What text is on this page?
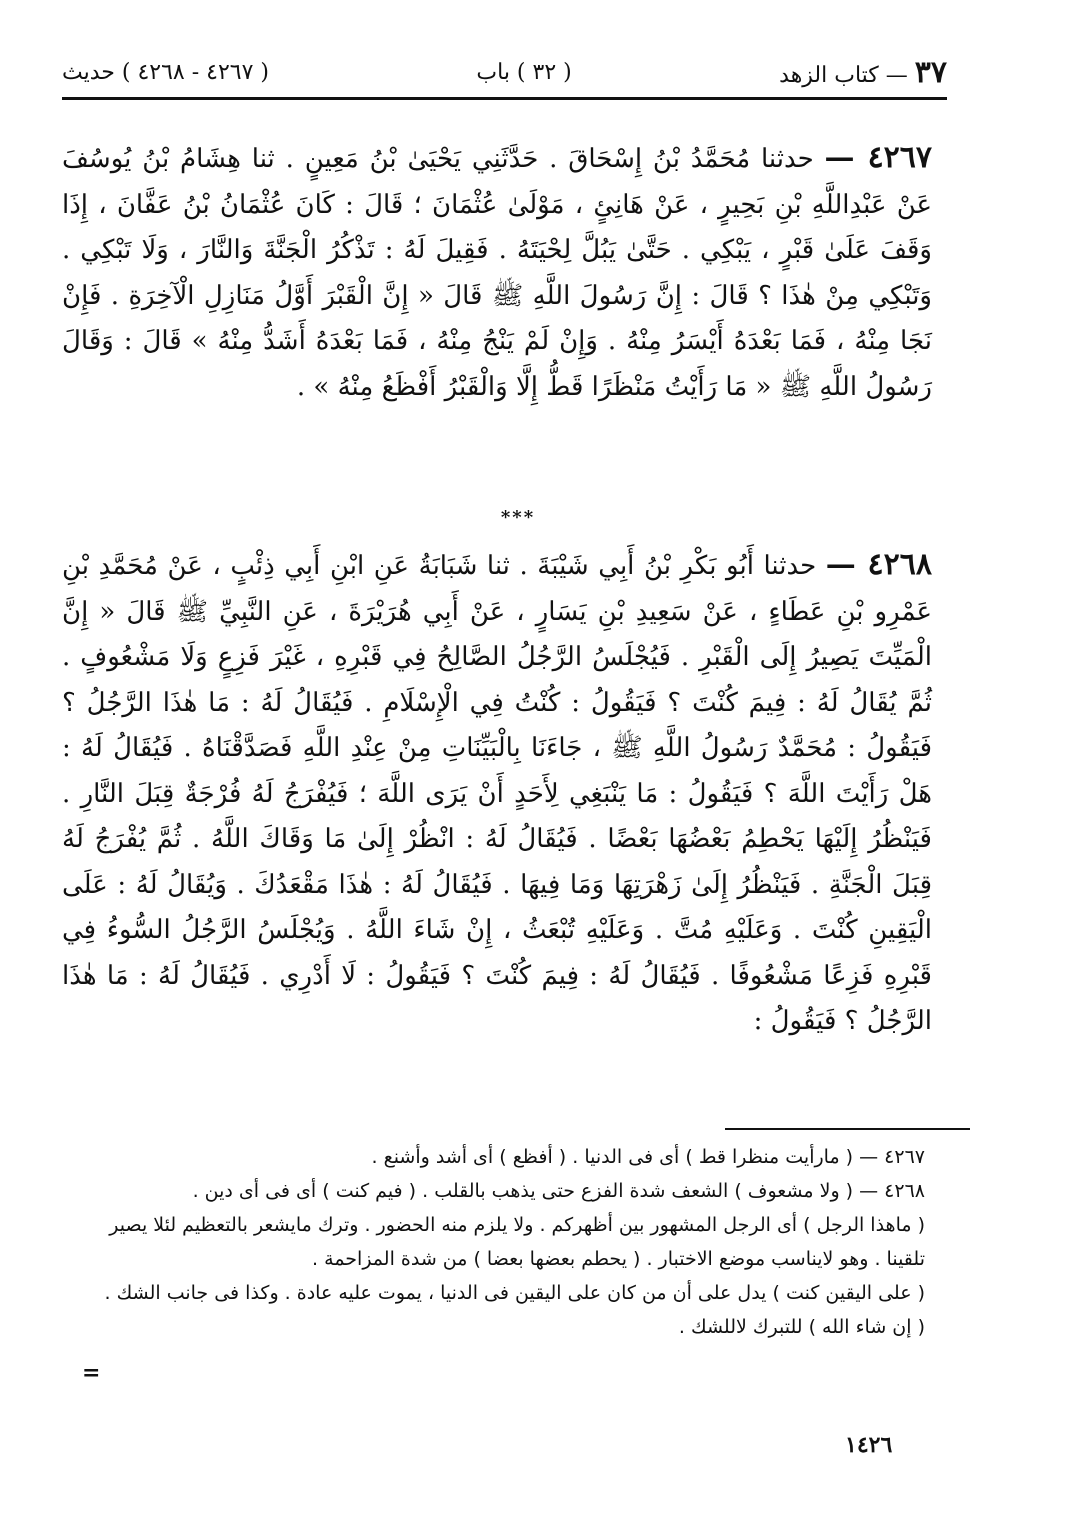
٣٧ — كتاب الزهد
( ٣٢ ) باب
( ٤٢٦٧ - ٤٢٦٨ ) حديث
٤٢٦٧ — حدثنا مُحَمَّدُ بْنُ إِسْحَاقَ . حَدَّثَنِي يَحْيَىٰ بْنُ مَعِينٍ . ثنا هِشَامُ بْنُ يُوسُفَ عَنْ عَبْدِاللَّهِ بْنِ بَحِيرٍ ، عَنْ هَانِئٍ ، مَوْلَىٰ عُثْمَانَ ؛ قَالَ : كَانَ عُثْمَانُ بْنُ عَفَّانَ ، إِذَا وَقَفَ عَلَىٰ قَبْرٍ ، يَبْكِي . حَتَّىٰ يَبُلَّ لِحْيَتَهُ . فَقِيلَ لَهُ : تَذْكُرُ الْجَنَّةَ وَالنَّارَ ، وَلَا تَبْكِي . وَتَبْكِي مِنْ هٰذَا ؟ قَالَ : إِنَّ رَسُولَ اللَّهِ ﷺ قَالَ « إِنَّ الْقَبْرَ أَوَّلُ مَنَازِلِ الْآخِرَةِ . فَإِنْ نَجَا مِنْهُ ، فَمَا بَعْدَهُ أَيْسَرُ مِنْهُ . وَإِنْ لَمْ يَنْجُ مِنْهُ ، فَمَا بَعْدَهُ أَشَدُّ مِنْهُ » قَالَ : وَقَالَ رَسُولُ اللَّهِ ﷺ « مَا رَأَيْتُ مَنْظَرًا قَطُّ إِلَّا وَالْقَبْرُ أَفْظَعُ مِنْهُ » .
***
٤٢٦٨ — حدثنا أَبُو بَكْرِ بْنُ أَبِي شَيْبَةَ . ثنا شَبَابَةُ عَنِ ابْنِ أَبِي ذِئْبٍ ، عَنْ مُحَمَّدِ بْنِ عَمْرِو بْنِ عَطَاءٍ ، عَنْ سَعِيدِ بْنِ يَسَارٍ ، عَنْ أَبِي هُرَيْرَةَ ، عَنِ النَّبِيِّ ﷺ قَالَ « إِنَّ الْمَيِّتَ يَصِيرُ إِلَى الْقَبْرِ . فَيُجْلَسُ الرَّجُلُ الصَّالِحُ فِي قَبْرِهِ ، غَيْرَ فَزِعٍ وَلَا مَشْعُوفٍ . ثُمَّ يُقَالُ لَهُ : فِيمَ كُنْتَ ؟ فَيَقُولُ : كُنْتُ فِي الْإِسْلَامِ . فَيُقَالُ لَهُ : مَا هٰذَا الرَّجُلُ ؟ فَيَقُولُ : مُحَمَّدٌ رَسُولُ اللَّهِ ﷺ ، جَاءَنَا بِالْبَيِّنَاتِ مِنْ عِنْدِ اللَّهِ فَصَدَّقْنَاهُ . فَيُقَالُ لَهُ : هَلْ رَأَيْتَ اللَّهَ ؟ فَيَقُولُ : مَا يَنْبَغِي لِأَحَدٍ أَنْ يَرَى اللَّهَ ؛ فَيُفْرَجُ لَهُ فُرْجَةٌ قِبَلَ النَّارِ . فَيَنْظُرُ إِلَيْهَا يَحْطِمُ بَعْضُهَا بَعْضًا . فَيُقَالُ لَهُ : انْظُرْ إِلَىٰ مَا وَقَاكَ اللَّهُ . ثُمَّ يُفْرَجُ لَهُ قِبَلَ الْجَنَّةِ . فَيَنْظُرُ إِلَىٰ زَهْرَتِهَا وَمَا فِيهَا . فَيُقَالُ لَهُ : هٰذَا مَقْعَدُكَ . وَيُقَالُ لَهُ : عَلَى الْيَقِينِ كُنْتَ . وَعَلَيْهِ مُتَّ . وَعَلَيْهِ تُبْعَثُ ، إِنْ شَاءَ اللَّهُ . وَيُجْلَسُ الرَّجُلُ السُّوءُ فِي قَبْرِهِ فَزِعًا مَشْعُوفًا . فَيُقَالُ لَهُ : فِيمَ كُنْتَ ؟ فَيَقُولُ : لَا أَدْرِي . فَيُقَالُ لَهُ : مَا هٰذَا الرَّجُلُ ؟ فَيَقُولُ :

٤٢٦٧ — ( مارأيت منظرا قط ) أى فى الدنيا . ( أفظع ) أى أشد وأشنع .

٤٢٦٨ — ( ولا مشعوف ) الشعف شدة الفزع حتى يذهب بالقلب . ( فيم كنت ) أى فى أى دين .

( ماهذا الرجل ) أى الرجل المشهور بين أظهركم . ولا يلزم منه الحضور . وترك مايشعر بالتعظيم لئلا يصير تلقينا . وهو لايناسب موضع الاختبار . ( يحطم بعضها بعضا ) من شدة المزاحمة .

( على اليقين كنت ) يدل على أن من كان على اليقين فى الدنيا ، يموت عليه عادة . وكذا فى جانب الشك .

( إن شاء الله ) للتبرك لاللشك .

=
١٤٢٦
